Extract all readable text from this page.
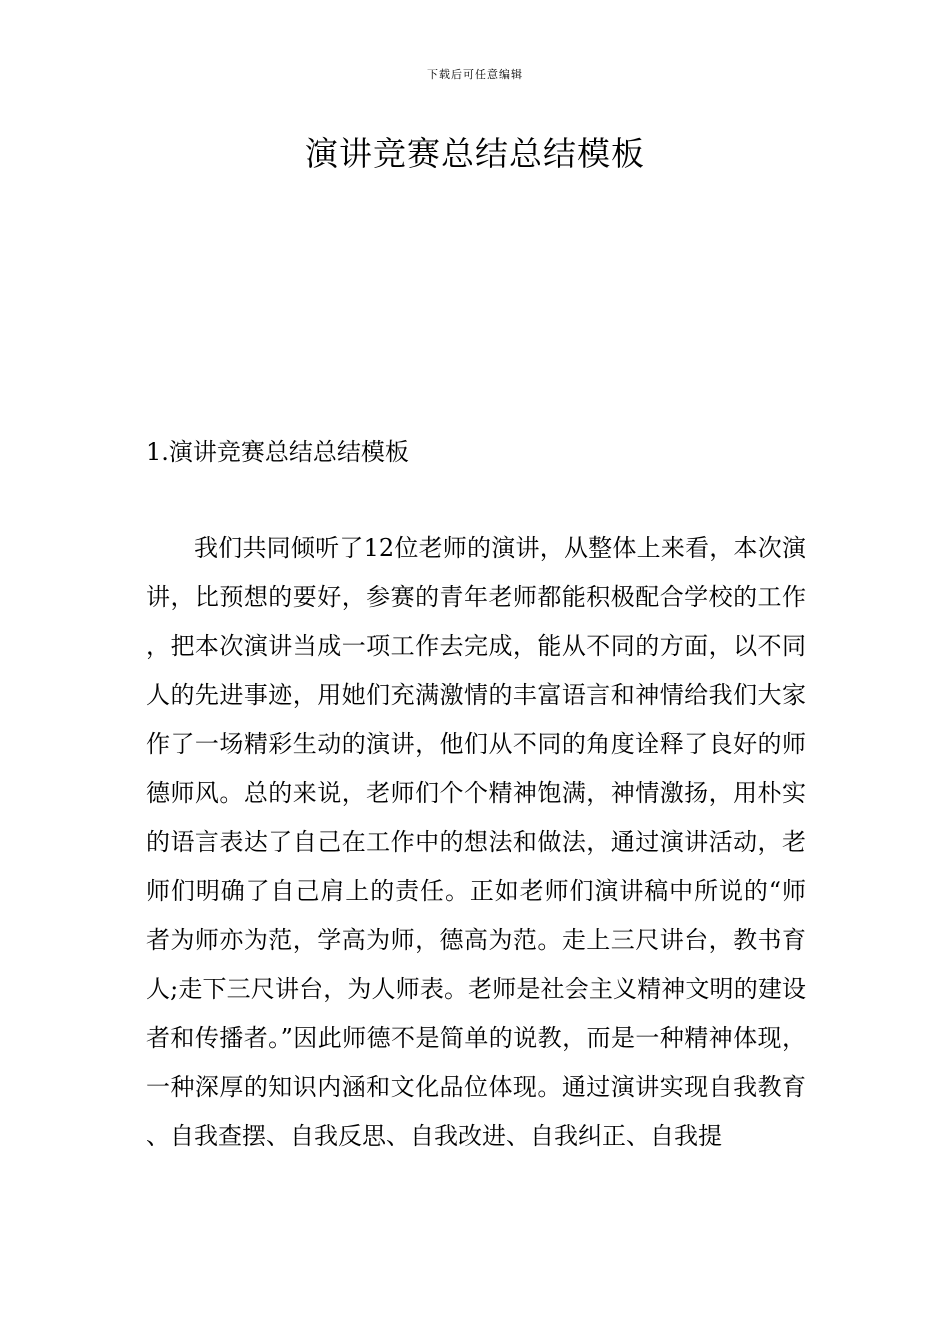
下载后可任意编辑
演讲竞赛总结总结模板
1.演讲竞赛总结总结模板

我们共同倾听了12位老师的演讲，从整体上来看，本次演讲，比预想的要好，参赛的青年老师都能积极配合学校的工作，把本次演讲当成一项工作去完成，能从不同的方面，以不同人的先进事迹，用她们充满激情的丰富语言和神情给我们大家作了一场精彩生动的演讲，他们从不同的角度诠释了良好的师德师风。总的来说，老师们个个精神饱满，神情激扬，用朴实的语言表达了自己在工作中的想法和做法，通过演讲活动，老师们明确了自己肩上的责任。正如老师们演讲稿中所说的“师者为师亦为范，学高为师，德高为范。走上三尺讲台，教书育人;走下三尺讲台，为人师表。老师是社会主义精神文明的建设者和传播者。”因此师德不是简单的说教，而是一种精神体现，一种深厚的知识内涵和文化品位体现。通过演讲实现自我教育、自我查摆、自我反思、自我改进、自我纠正、自我提
